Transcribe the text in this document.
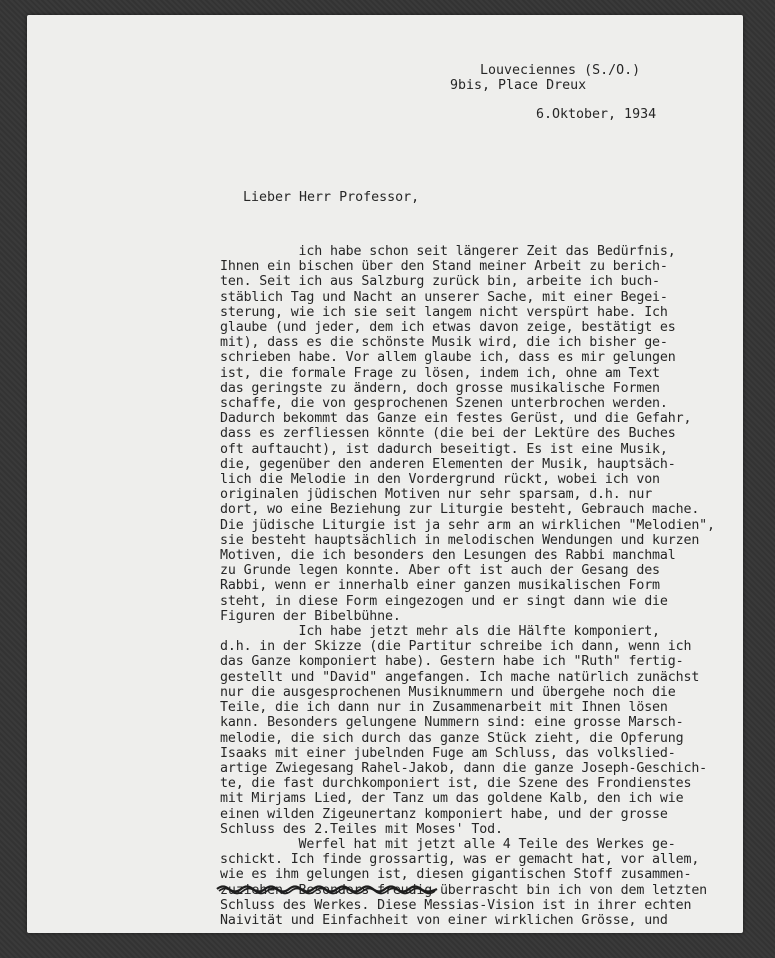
Louveciennes (S./O.)
9bis, Place Dreux
6.Oktober, 1934
Lieber Herr Professor,
ich habe schon seit längerer Zeit das Bedürfnis,
Ihnen ein bischen über den Stand meiner Arbeit zu berich-
ten. Seit ich aus Salzburg zurück bin, arbeite ich buch-
stäblich Tag und Nacht an unserer Sache, mit einer Begei-
sterung, wie ich sie seit langem nicht verspürt habe. Ich
glaube (und jeder, dem ich etwas davon zeige, bestätigt es
mit), dass es die schönste Musik wird, die ich bisher ge-
schrieben habe. Vor allem glaube ich, dass es mir gelungen
ist, die formale Frage zu lösen, indem ich, ohne am Text
das geringste zu ändern, doch grosse musikalische Formen
schaffe, die von gesprochenen Szenen unterbrochen werden.
Dadurch bekommt das Ganze ein festes Gerüst, und die Gefahr,
dass es zerfliessen könnte (die bei der Lektüre des Buches
oft auftaucht), ist dadurch beseitigt. Es ist eine Musik,
die, gegenüber den anderen Elementen der Musik, hauptsäch-
lich die Melodie in den Vordergrund rückt, wobei ich von
originalen jüdischen Motiven nur sehr sparsam, d.h. nur
dort, wo eine Beziehung zur Liturgie besteht, Gebrauch mache.
Die jüdische Liturgie ist ja sehr arm an wirklichen "Melodien",
sie besteht hauptsächlich in melodischen Wendungen und kurzen
Motiven, die ich besonders den Lesungen des Rabbi manchmal
zu Grunde legen konnte. Aber oft ist auch der Gesang des
Rabbi, wenn er innerhalb einer ganzen musikalischen Form
steht, in diese Form eingezogen und er singt dann wie die
Figuren der Bibelbühne.
Ich habe jetzt mehr als die Hälfte komponiert,
d.h. in der Skizze (die Partitur schreibe ich dann, wenn ich
das Ganze komponiert habe). Gestern habe ich "Ruth" fertig-
gestellt und "David" angefangen. Ich mache natürlich zunächst
nur die ausgesprochenen Musiknummern und übergehe noch die
Teile, die ich dann nur in Zusammenarbeit mit Ihnen lösen
kann. Besonders gelungene Nummern sind: eine grosse Marsch-
melodie, die sich durch das ganze Stück zieht, die Opferung
Isaaks mit einer jubelnden Fuge am Schluss, das volkslied-
artige Zwiegesang Rahel-Jakob, dann die ganze Joseph-Geschich-
te, die fast durchkomponiert ist, die Szene des Frondienstes
mit Mirjams Lied, der Tanz um das goldene Kalb, den ich wie
einen wilden Zigeunertanz komponiert habe, und der grosse
Schluss des 2.Teiles mit Moses' Tod.
Werfel hat mit jetzt alle 4 Teile des Werkes ge-
schickt. Ich finde grossartig, was er gemacht hat, vor allem,
wie es ihm gelungen ist, diesen gigantischen Stoff zusammen-
zuziehen. Besonders freudig überrascht bin ich von dem letzten
Schluss des Werkes. Diese Messias-Vision ist in ihrer echten
Naivität und Einfachheit von einer wirklichen Grösse, und
